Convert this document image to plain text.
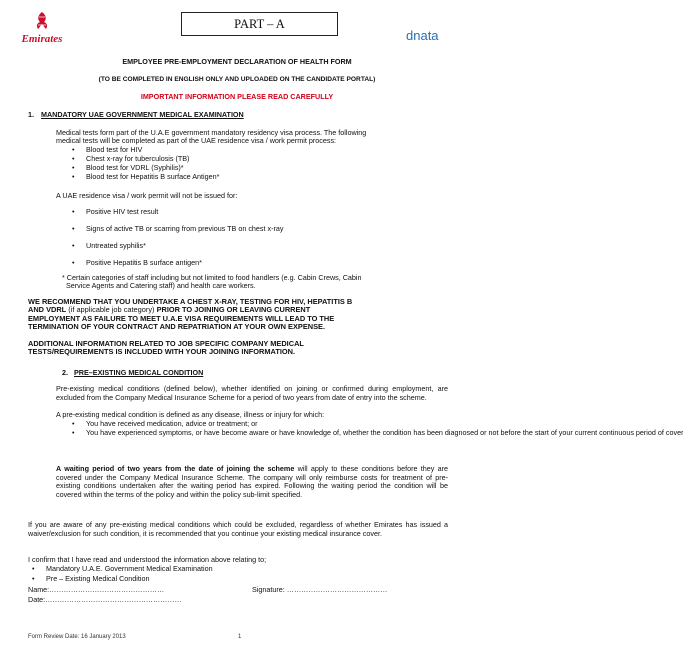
Emirates
PART – A
dnata

EMPLOYEE PRE-EMPLOYMENT DECLARATION OF HEALTH FORM

(TO BE COMPLETED IN ENGLISH ONLY AND UPLOADED ON THE CANDIDATE PORTAL)

IMPORTANT INFORMATION PLEASE READ CAREFULLY

1. MANDATORY UAE GOVERNMENT MEDICAL EXAMINATION

Medical tests form part of the U.A.E government mandatory residency visa process. The following

medical tests will be completed as part of the UAE residence visa / work permit process:

• Blood test for HIV

• Chest x-ray for tuberculosis (TB)

• Blood test for VDRL (Syphilis)*

• Blood test for Hepatitis B surface Antigen*

A UAE residence visa / work permit will not be issued for:

• Positive HIV test result

• Signs of active TB or scarring from previous TB on chest x-ray

• Untreated syphilis*

• Positive Hepatitis B surface antigen*

* Certain categories of staff including but not limited to food handlers (e.g. Cabin Crews, Cabin

Service Agents and Catering staff) and health care workers.

WE RECOMMEND THAT YOU UNDERTAKE A CHEST X-RAY, TESTING FOR HIV, HEPATITIS B

AND VDRL (if applicable job category) PRIOR TO JOINING OR LEAVING CURRENT

EMPLOYMENT AS FAILURE TO MEET U.A.E VISA REQUIREMENTS WILL LEAD TO THE

TERMINATION OF YOUR CONTRACT AND REPATRIATION AT YOUR OWN EXPENSE.

ADDITIONAL INFORMATION RELATED TO JOB SPECIFIC COMPANY MEDICAL

TESTS/REQUIREMENTS IS INCLUDED WITH YOUR JOINING INFORMATION.

2. PRE–EXISTING MEDICAL CONDITION

Pre-existing medical conditions (defined below), whether identified on joining or confirmed during employment, are excluded from the Company Medical Insurance Scheme for a period of two years from date of entry into the scheme.

A pre-existing medical condition is defined as any disease, illness or injury for which:

• You have received medication, advice or treatment; or

• You have experienced symptoms, or have become aware or have knowledge of, whether the condition has been diagnosed or not before the start of your current continuous period of cover

A waiting period of two years from the date of joining the scheme will apply to these conditions before they are covered under the Company Medical Insurance Scheme. The company will only reimburse costs for treatment of pre-existing conditions undertaken after the waiting period has expired. Following the waiting period the condition will be covered within the terms of the policy and within the policy sub-limit specified.

If you are aware of any pre-existing medical conditions which could be excluded, regardless of whether Emirates has issued a waiver/exclusion for such condition, it is recommended that you continue your existing medical insurance cover.

I confirm that I have read and understood the information above relating to;

• Mandatory U.A.E. Government Medical Examination

• Pre – Existing Medical Condition

Name:…………………………………………	Signature: ……………………………………

Date:…………………………………………………

Form Review Date: 16 January 2013	1
